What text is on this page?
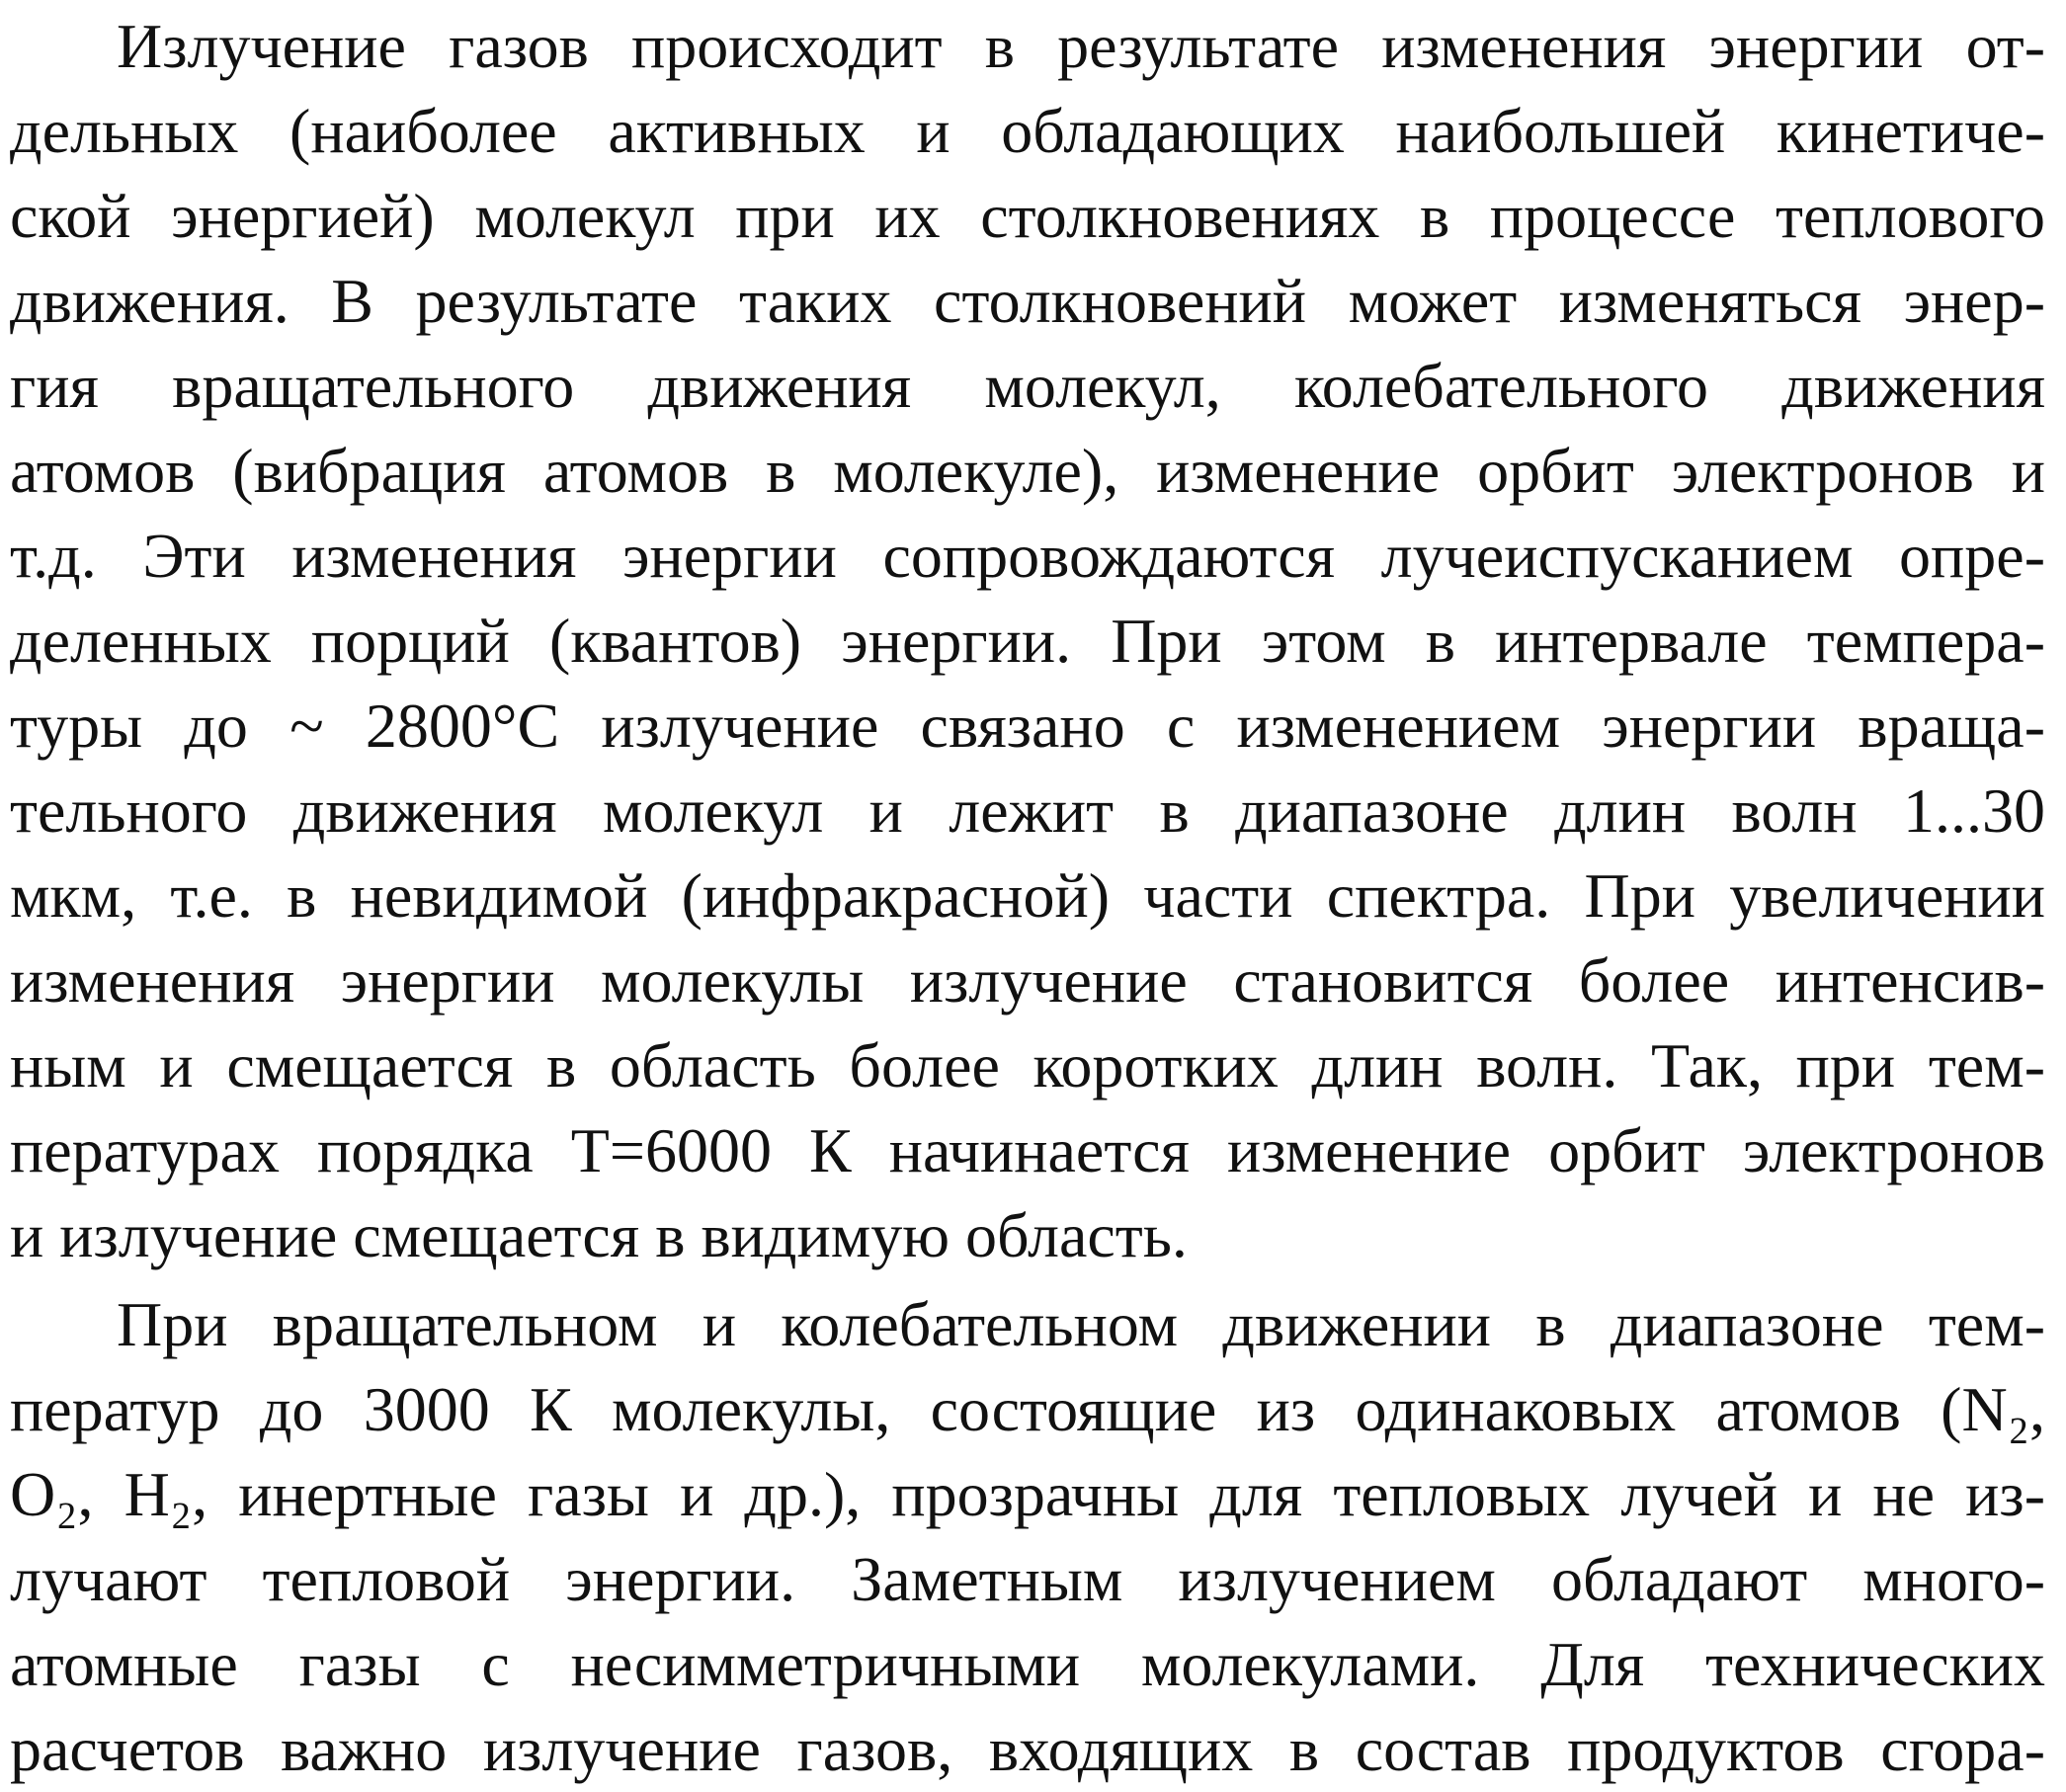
Излучение газов происходит в результате изменения энергии от-
дельных (наиболее активных и обладающих наибольшей кинетиче-
ской энергией) молекул при их столкновениях в процессе теплового
движения. В результате таких столкновений может изменяться энер-
гия вращательного движения молекул, колебательного движения
атомов (вибрация атомов в молекуле), изменение орбит электронов и
т.д. Эти изменения энергии сопровождаются лучеиспусканием опре-
деленных порций (квантов) энергии. При этом в интервале темпера-
туры до ~ 2800°С излучение связано с изменением энергии враща-
тельного движения молекул и лежит в диапазоне длин волн 1...30
мкм, т.е. в невидимой (инфракрасной) части спектра. При увеличении
изменения энергии молекулы излучение становится более интенсив-
ным и смещается в область более коротких длин волн. Так, при тем-
пературах порядка Т=6000 К начинается изменение орбит электронов
и излучение смещается в видимую область.
При вращательном и колебательном движении в диапазоне тем-
ператур до 3000 К молекулы, состоящие из одинаковых атомов (N₂,
O₂, H₂, инертные газы и др.), прозрачны для тепловых лучей и не из-
лучают тепловой энергии. Заметным излучением обладают много-
атомные газы с несимметричными молекулами. Для технических
расчетов важно излучение газов, входящих в состав продуктов сгора-
